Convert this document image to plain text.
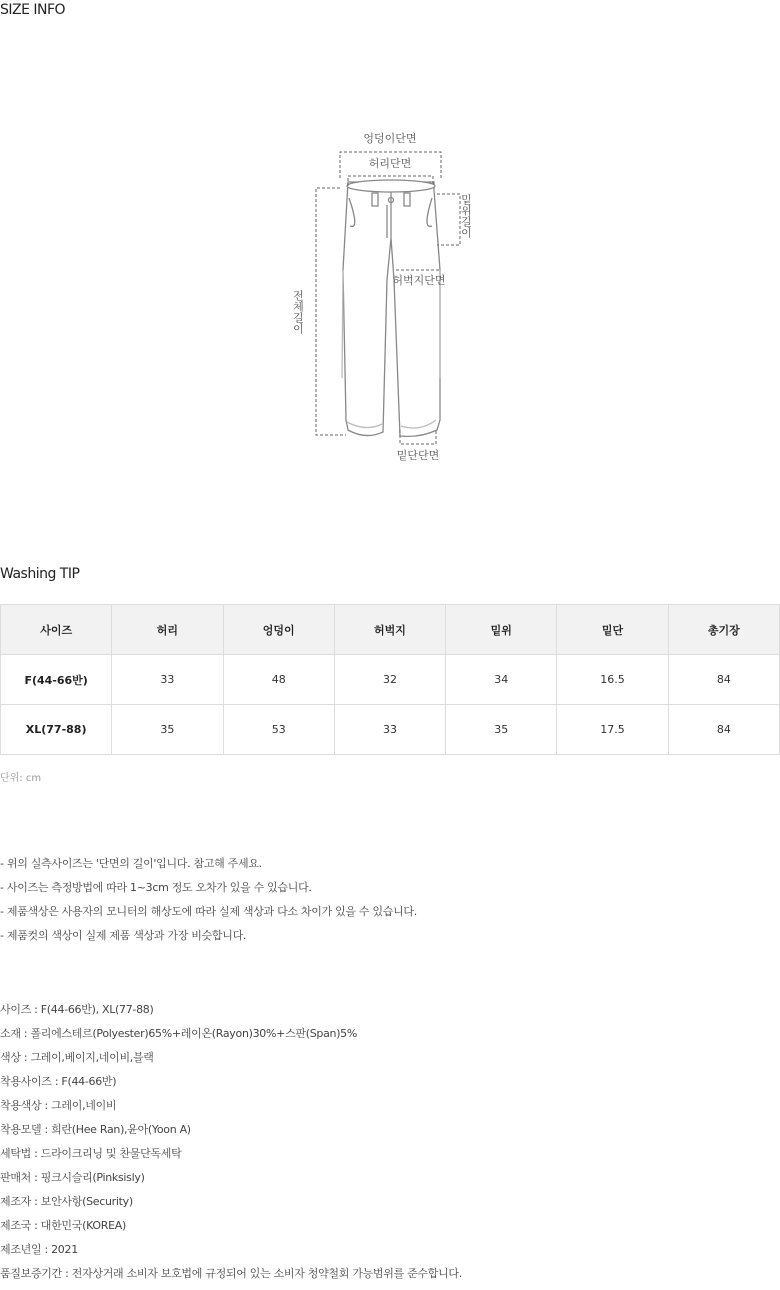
SIZE INFO
엉덩이단면
허리단면
밑위길이
허벅지단면
전체길이
밑단단면
Washing TIP
사이즈	허리	엉덩이	허벅지	밑위	밑단	총기장
F(44-66반)	33	48	32	34	16.5	84
XL(77-88)	35	53	33	35	17.5	84
단위: cm
- 위의 실측사이즈는 '단면의 길이'입니다. 참고해 주세요.
- 사이즈는 측정방법에 따라 1~3cm 정도 오차가 있을 수 있습니다.
- 제품색상은 사용자의 모니터의 해상도에 따라 실제 색상과 다소 차이가 있을 수 있습니다.
- 제품컷의 색상이 실제 제품 색상과 가장 비슷합니다.
사이즈 : F(44-66반), XL(77-88)
소재 : 폴리에스테르(Polyester)65%+레이온(Rayon)30%+스판(Span)5%
색상 : 그레이,베이지,네이비,블랙
착용사이즈 : F(44-66반)
착용색상 : 그레이,네이비
착용모델 : 희란(Hee Ran),윤아(Yoon A)
세탁법 : 드라이크리닝 및 찬물단독세탁
판매처 : 핑크시슬리(Pinksisly)
제조자 : 보안사항(Security)
제조국 : 대한민국(KOREA)
제조년일 : 2021
품질보증기간 : 전자상거래 소비자 보호법에 규정되어 있는 소비자 청약철회 가능범위를 준수합니다.
